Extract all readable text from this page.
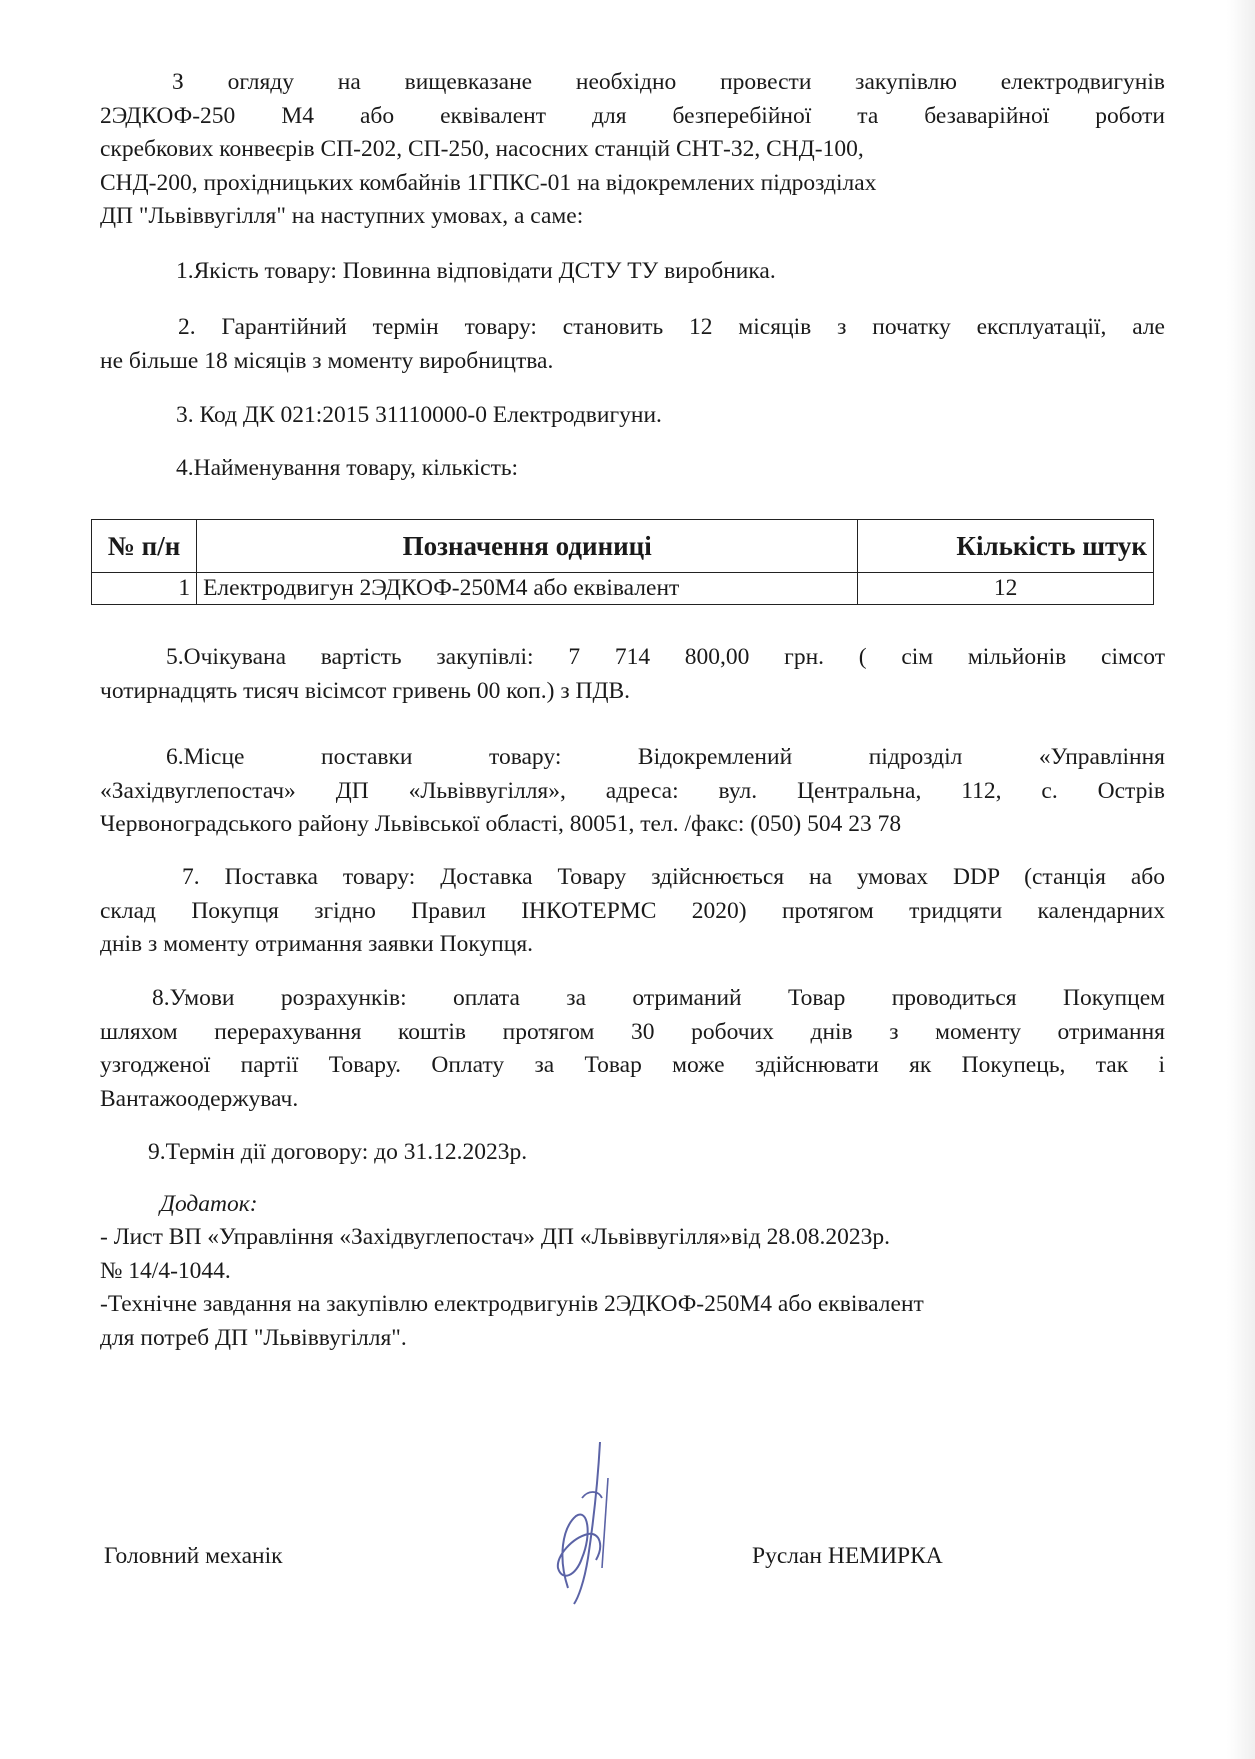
З огляду на вищевказане необхідно провести закупівлю електродвигунів
2ЭДКОФ-250 М4 або еквівалент для безперебійної та безаварійної роботи
скребкових конвеєрів СП-202, СП-250, насосних станцій СНТ-32, СНД-100,
СНД-200, прохідницьких комбайнів 1ГПКС-01 на відокремлених підрозділах
ДП "Львіввугілля" на наступних умовах, а саме:
1.Якість товару: Повинна відповідати ДСТУ ТУ виробника.
2. Гарантійний термін товару: становить 12 місяців з початку експлуатації, але
не більше 18 місяців з моменту виробництва.
3. Код ДК 021:2015 31110000-0 Електродвигуни.
4.Найменування товару, кількість:
№ п/н	Позначення одиниці	Кількість штук
1	Електродвигун 2ЭДКОФ-250М4 або еквівалент	12
5.Очікувана вартість закупівлі: 7 714 800,00 грн. ( сім мільйонів сімсот
чотирнадцять тисяч вісімсот гривень 00 коп.) з ПДВ.
6.Місце поставки товару: Відокремлений підрозділ «Управління
«Західвуглепостач» ДП «Львіввугілля», адреса: вул. Центральна, 112, с. Острів
Червоноградського району Львівської області, 80051, тел. /факс: (050) 504 23 78
7. Поставка товару: Доставка Товару здійснюється на умовах DDP (станція або
склад Покупця згідно Правил ІНКОТЕРМС 2020) протягом тридцяти календарних
днів з моменту отримання заявки Покупця.
8.Умови розрахунків: оплата за отриманий Товар проводиться Покупцем
шляхом перерахування коштів протягом 30 робочих днів з моменту отримання
узгодженої партії Товару. Оплату за Товар може здійснювати як Покупець, так і
Вантажоодержувач.
9.Термін дії договору: до 31.12.2023р.
Додаток:
- Лист ВП «Управління «Західвуглепостач» ДП «Львіввугілля»від 28.08.2023р.
№ 14/4-1044.
-Технічне завдання на закупівлю електродвигунів 2ЭДКОФ-250М4 або еквівалент
для потреб ДП "Львіввугілля".
Головний механік	Руслан НЕМИРКА
